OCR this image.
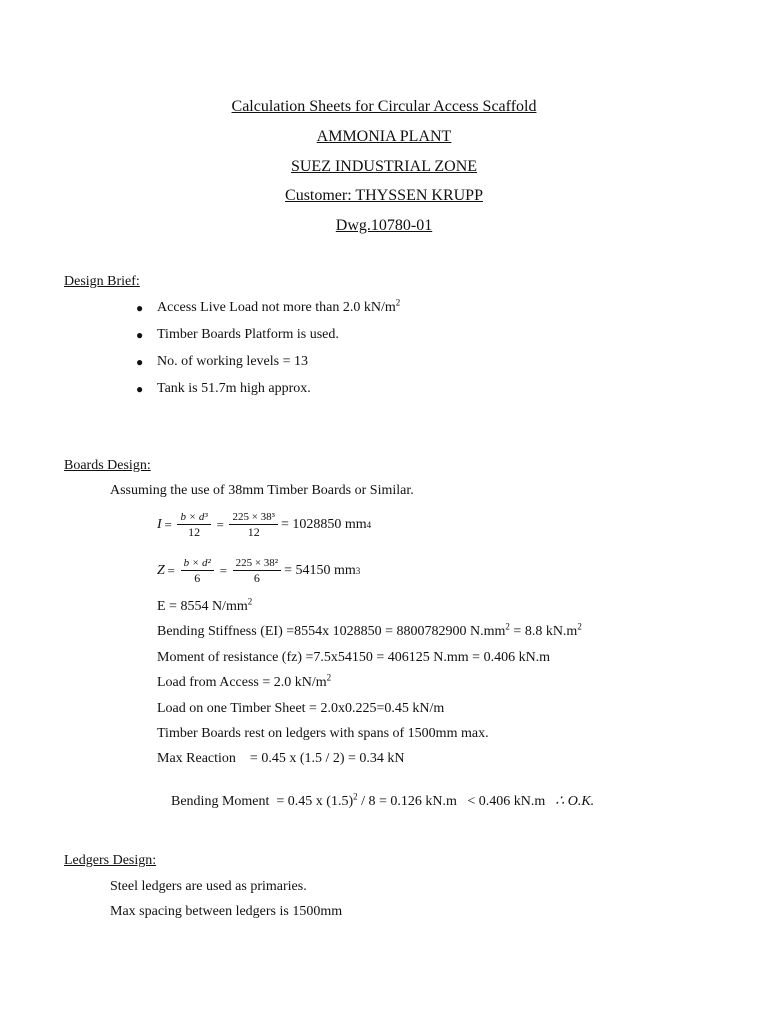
Calculation Sheets for Circular Access Scaffold
AMMONIA PLANT
SUEZ INDUSTRIAL ZONE
Customer: THYSSEN KRUPP
Dwg.10780-01
Design Brief:
● Access Live Load not more than 2.0 $kN/m^2$
● Timber Boards Platform is used.
● No. of working levels = 13
● Tank is 51.7m high approx.
Boards Design:
Assuming the use of 38mm Timber Boards or Similar.
$I = \frac{\text{b × d³}}{12} = \frac{\text{225 × 38³}}{12} = 1028850$ mm 4
$Z = \frac{\text{b × d²}}{6} = \frac{\text{225 × 38²}}{6} = 54150$ mm 3
E = 8554 $N/mm^2$
Bending Stiffness (EI) =8554x 1028850 = 8800782900 $N.mm^2 = 8.8$ $kN.m^2$
Moment of resistance (fz) =7.5x54150 = 406125 N.mm = 0.406 kN.m
Load from Access = 2.0 $kN/m^2$
Load on one Timber Sheet = 2.0x0.225=0.45 kN/m
Timber Boards rest on ledgers with spans of 1500mm max.
Max Reaction    = 0.45 x (1.5 / 2) = 0.34 kN

Bending Moment  = 0.45 x $(1.5)^2 / 8 = 0.126$ kN.m   < 0.406 kN.m ∴ O.K.

Ledgers Design:
Steel ledgers are used as primaries.
Max spacing between ledgers is 1500mm
